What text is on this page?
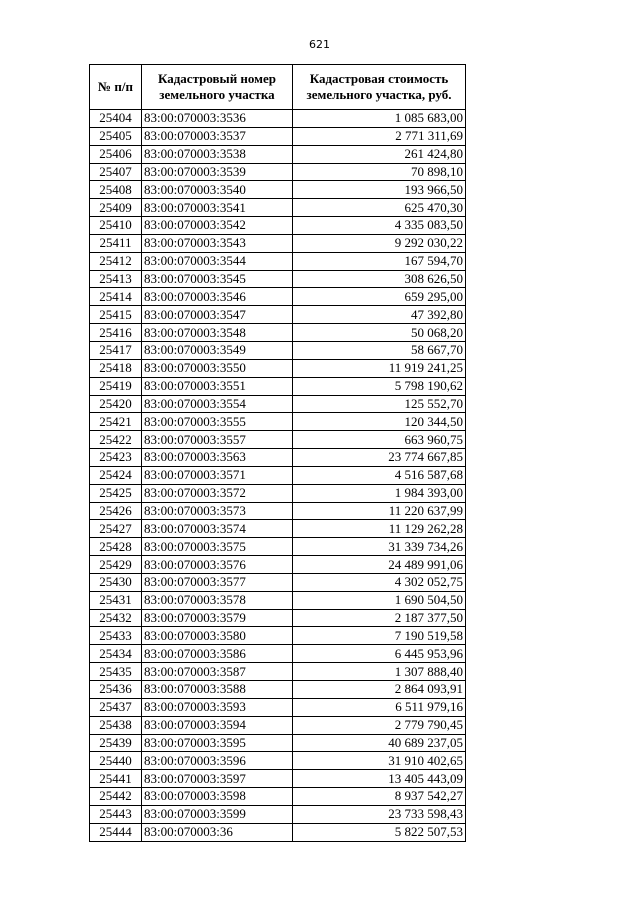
621
№ п/п	Кадастровый номер земельного участка	Кадастровая стоимость земельного участка, руб.
25404	83:00:070003:3536	1 085 683,00
25405	83:00:070003:3537	2 771 311,69
25406	83:00:070003:3538	261 424,80
25407	83:00:070003:3539	70 898,10
25408	83:00:070003:3540	193 966,50
25409	83:00:070003:3541	625 470,30
25410	83:00:070003:3542	4 335 083,50
25411	83:00:070003:3543	9 292 030,22
25412	83:00:070003:3544	167 594,70
25413	83:00:070003:3545	308 626,50
25414	83:00:070003:3546	659 295,00
25415	83:00:070003:3547	47 392,80
25416	83:00:070003:3548	50 068,20
25417	83:00:070003:3549	58 667,70
25418	83:00:070003:3550	11 919 241,25
25419	83:00:070003:3551	5 798 190,62
25420	83:00:070003:3554	125 552,70
25421	83:00:070003:3555	120 344,50
25422	83:00:070003:3557	663 960,75
25423	83:00:070003:3563	23 774 667,85
25424	83:00:070003:3571	4 516 587,68
25425	83:00:070003:3572	1 984 393,00
25426	83:00:070003:3573	11 220 637,99
25427	83:00:070003:3574	11 129 262,28
25428	83:00:070003:3575	31 339 734,26
25429	83:00:070003:3576	24 489 991,06
25430	83:00:070003:3577	4 302 052,75
25431	83:00:070003:3578	1 690 504,50
25432	83:00:070003:3579	2 187 377,50
25433	83:00:070003:3580	7 190 519,58
25434	83:00:070003:3586	6 445 953,96
25435	83:00:070003:3587	1 307 888,40
25436	83:00:070003:3588	2 864 093,91
25437	83:00:070003:3593	6 511 979,16
25438	83:00:070003:3594	2 779 790,45
25439	83:00:070003:3595	40 689 237,05
25440	83:00:070003:3596	31 910 402,65
25441	83:00:070003:3597	13 405 443,09
25442	83:00:070003:3598	8 937 542,27
25443	83:00:070003:3599	23 733 598,43
25444	83:00:070003:36	5 822 507,53
